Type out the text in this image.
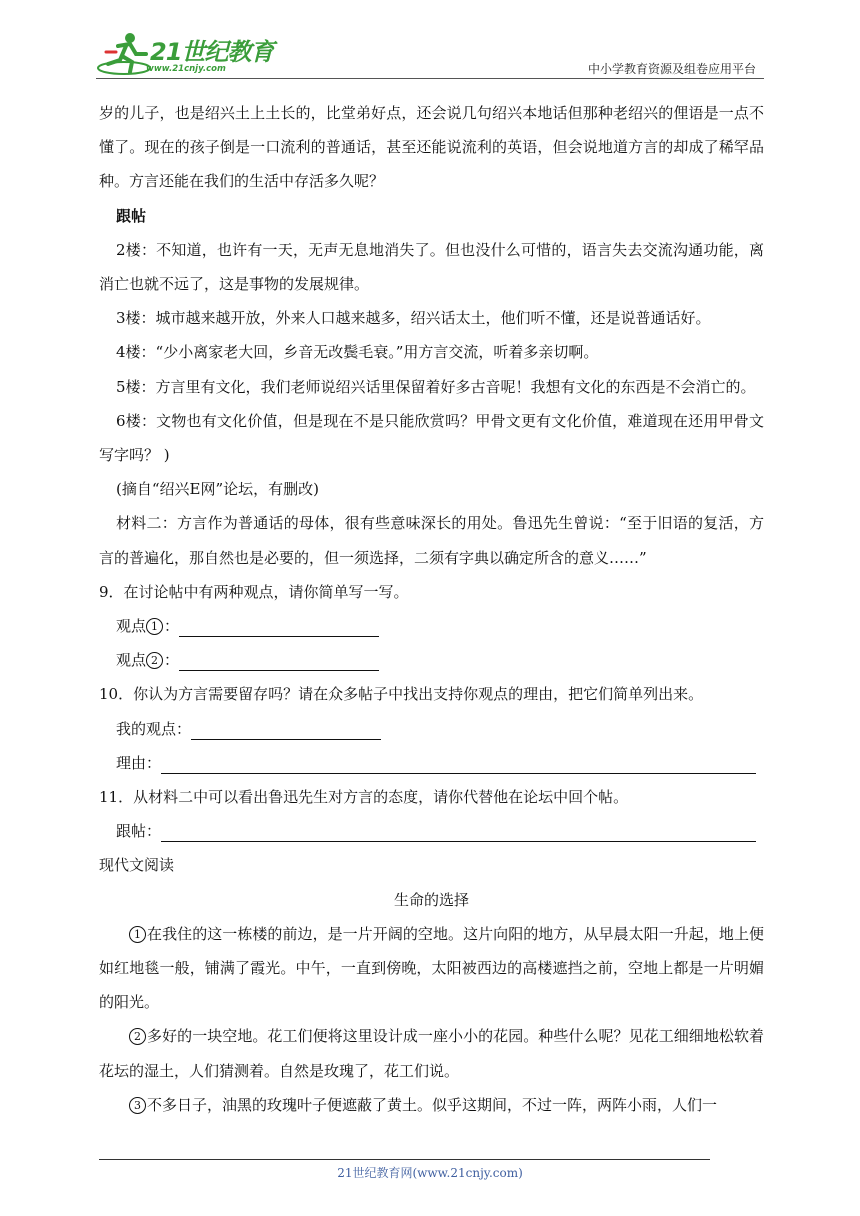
21世纪教育
www.21cnjy.com	中小学教育资源及组卷应用平台

岁的儿子，也是绍兴土上土长的，比堂弟好点，还会说几句绍兴本地话但那种老绍兴的俚语是一点不懂了。现在的孩子倒是一口流利的普通话，甚至还能说流利的英语，但会说地道方言的却成了稀罕品种。方言还能在我们的生活中存活多久呢？

跟帖

2楼：不知道，也许有一天，无声无息地消失了。但也没什么可惜的，语言失去交流沟通功能，离消亡也就不远了，这是事物的发展规律。

3楼：城市越来越开放，外来人口越来越多，绍兴话太土，他们听不懂，还是说普通话好。

4楼：“少小离家老大回，乡音无改鬓毛衰。”用方言交流，听着多亲切啊。

5楼：方言里有文化，我们老师说绍兴话里保留着好多古音呢！我想有文化的东西是不会消亡的。

6楼：文物也有文化价值，但是现在不是只能欣赏吗？甲骨文更有文化价值，难道现在还用甲骨文写字吗？ )

(摘自“绍兴E网”论坛，有删改)

材料二：方言作为普通话的母体，很有些意味深长的用处。鲁迅先生曾说：“至于旧语的复活，方言的普遍化，那自然也是必要的，但一须选择，二须有字典以确定所含的意义……”

9．在讨论帖中有两种观点，请你简单写一写。

观点 1 ：

观点 2 ：

10．你认为方言需要留存吗？请在众多帖子中找出支持你观点的理由，把它们简单列出来。

我的观点：

理由：

11．从材料二中可以看出鲁迅先生对方言的态度，请你代替他在论坛中回个帖。

跟帖：

现代文阅读

生命的选择

1 在我住的这一栋楼的前边，是一片开阔的空地。这片向阳的地方，从早晨太阳一升起，地上便如红地毯一般，铺满了霞光。中午，一直到傍晚，太阳被西边的高楼遮挡之前，空地上都是一片明媚的阳光。

2 多好的一块空地。花工们便将这里设计成一座小小的花园。种些什么呢？见花工细细地松软着花坛的湿土，人们猜测着。自然是玫瑰了，花工们说。

3 不多日子，油黑的玫瑰叶子便遮蔽了黄土。似乎这期间，不过一阵，两阵小雨，人们一

21世纪教育网(www.21cnjy.com)
